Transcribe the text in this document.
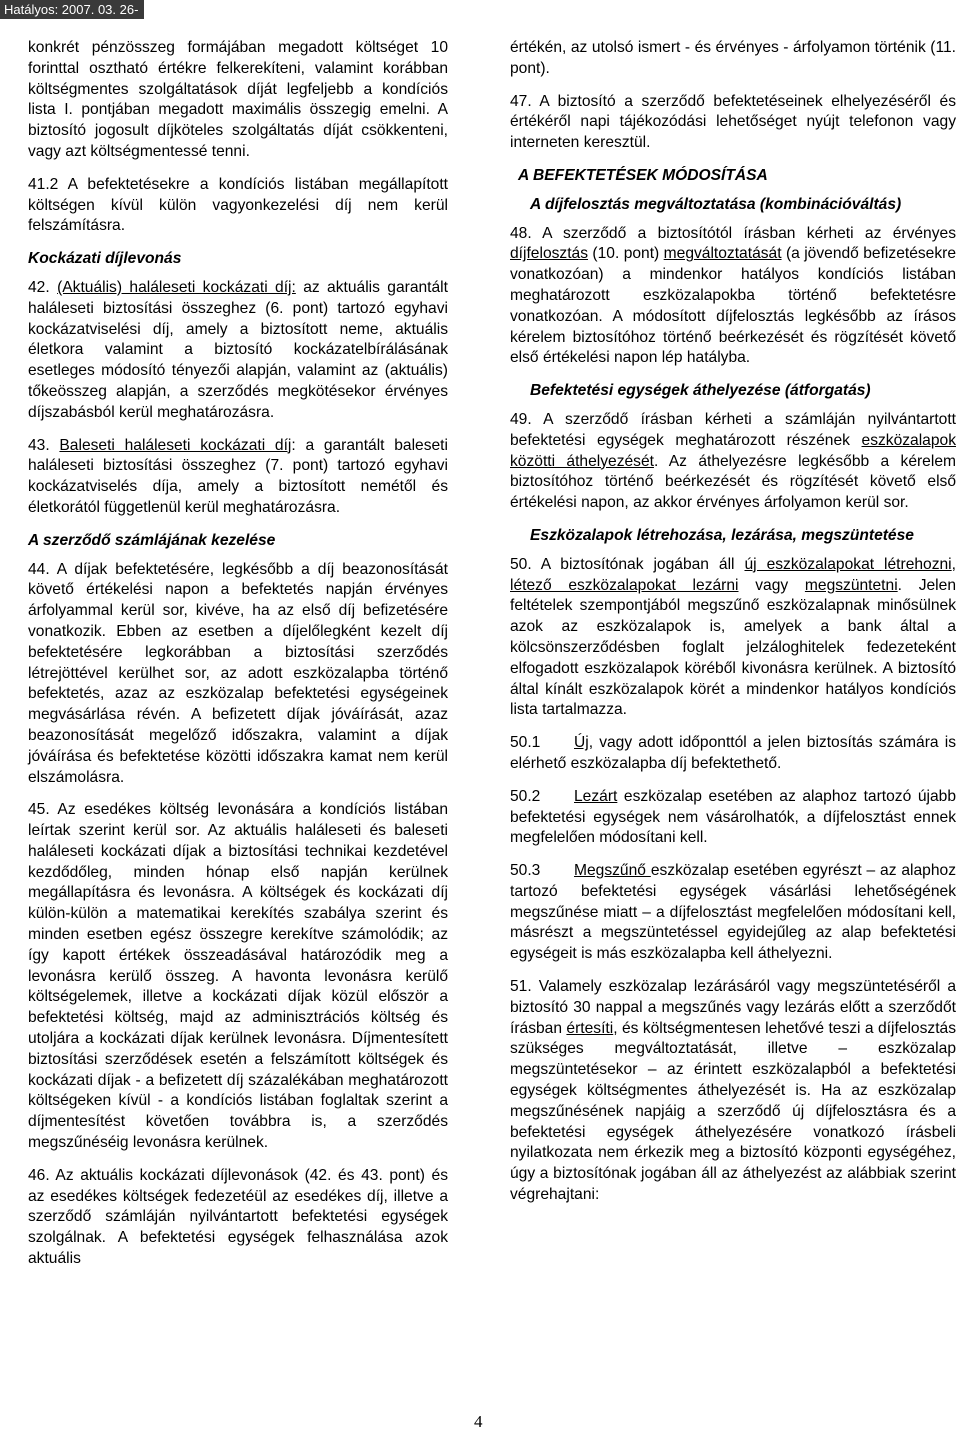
Hatályos: 2007. 03. 26-tól

konkrét pénzösszeg formájában megadott költséget 10 forinttal osztható értékre felkerekíteni, valamint korábban költségmentes szolgáltatások díját legfeljebb a kondíciós lista I. pontjában megadott maximális összegig emelni. A biztosító jogosult díjköteles szolgáltatás díját csökkenteni, vagy azt költségmentessé tenni.

41.2 A befektetésekre a kondíciós listában megállapított költségen kívül külön vagyonkezelési díj nem kerül felszámításra.

Kockázati díjlevonás

42. (Aktuális) haláleseti kockázati díj: az aktuális garantált haláleseti biztosítási összeghez (6. pont) tartozó egyhavi kockázatviselési díj, amely a biztosított neme, aktuális életkora valamint a biztosító kockázatelbírálásának esetleges módosító tényezői alapján, valamint az (aktuális) tőkeösszeg alapján, a szerződés megkötésekor érvényes díjszabásból kerül meghatározásra.

43. Baleseti haláleseti kockázati díj: a garantált baleseti haláleseti biztosítási összeghez (7. pont) tartozó egyhavi kockázatviselés díja, amely a biztosított nemétől és életkorától függetlenül kerül meghatározásra.

A szerződő számlájának kezelése

44. A díjak befektetésére, legkésőbb a díj beazonosítását követő értékelési napon a befektetés napján érvényes árfolyammal kerül sor, kivéve, ha az első díj befizetésére vonatkozik. Ebben az esetben a díjelőlegként kezelt díj befektetésére legkorábban a biztosítási szerződés létrejöttével kerülhet sor, az adott eszközalapba történő befektetés, azaz az eszközalap befektetési egységeinek megvásárlása révén. A befizetett díjak jóváírását, azaz beazonosítását megelőző időszakra, valamint a díjak jóváírása és befektetése közötti időszakra kamat nem kerül elszámolásra.

45. Az esedékes költség levonására a kondíciós listában leírtak szerint kerül sor. Az aktuális haláleseti és baleseti haláleseti kockázati díjak a biztosítási technikai kezdetével kezdődőleg, minden hónap első napján kerülnek megállapításra és levonásra. A költségek és kockázati díj külön-külön a matematikai kerekítés szabálya szerint és minden esetben egész összegre kerekítve számolódik; az így kapott értékek összeadásával határozódik meg a levonásra kerülő összeg. A havonta levonásra kerülő költségelemek, illetve a kockázati díjak közül először a befektetési költség, majd az adminisztrációs költség és utoljára a kockázati díjak kerülnek levonásra. Díjmentesített biztosítási szerződések esetén a felszámított költségek és kockázati díjak - a befizetett díj százalékában meghatározott költségeken kívül - a kondíciós listában foglaltak szerint a díjmentesítést követően továbbra is, a szerződés megszűnéséig levonásra kerülnek.

46. Az aktuális kockázati díjlevonások (42. és 43. pont) és az esedékes költségek fedezetéül az esedékes díj, illetve a szerződő számláján nyilvántartott befektetési egységek szolgálnak. A befektetési egységek felhasználása azok aktuális

értékén, az utolsó ismert - és érvényes - árfolyamon történik (11. pont).

47. A biztosító a szerződő befektetéseinek elhelyezéséről és értékéről napi tájékozódási lehetőséget nyújt telefonon vagy interneten keresztül.

A BEFEKTETÉSEK MÓDOSÍTÁSA
A díjfelosztás megváltoztatása (kombinációváltás)

48. A szerződő a biztosítótól írásban kérheti az érvényes díjfelosztás (10. pont) megváltoztatását (a jövendő befizetésekre vonatkozóan) a mindenkor hatályos kondíciós listában meghatározott eszközalapokba történő befektetésre vonatkozóan. A módosított díjfelosztás legkésőbb az írásos kérelem biztosítóhoz történő beérkezését és rögzítését követő első értékelési napon lép hatályba.

Befektetési egységek áthelyezése (átforgatás)

49. A szerződő írásban kérheti a számláján nyilvántartott befektetési egységek meghatározott részének eszközalapok közötti áthelyezését. Az áthelyezésre legkésőbb a kérelem biztosítóhoz történő beérkezését és rögzítését követő első értékelési napon, az akkor érvényes árfolyamon kerül sor.

Eszközalapok létrehozása, lezárása, megszüntetése

50. A biztosítónak jogában áll új eszközalapokat létrehozni, létező eszközalapokat lezárni vagy megszüntetni. Jelen feltételek szempontjából megszűnő eszközalapnak minősülnek azok az eszközalapok is, amelyek a bank által a kölcsönszerződésben foglalt jelzáloghitelek fedezeteként elfogadott eszközalapok köréből kivonásra kerülnek. A biztosító által kínált eszközalapok körét a mindenkor hatályos kondíciós lista tartalmazza.

50.1 Új, vagy adott időponttól a jelen biztosítás számára is elérhető eszközalapba díj befektethető.

50.2 Lezárt eszközalap esetében az alaphoz tartozó újabb befektetési egységek nem vásárolhatók, a díjfelosztást ennek megfelelően módosítani kell.

50.3 Megszűnő eszközalap esetében egyrészt – az alaphoz tartozó befektetési egységek vásárlási lehetőségének megszűnése miatt – a díjfelosztást megfelelően módosítani kell, másrészt a megszüntetéssel egyidejűleg az alap befektetési egységeit is más eszközalapba kell áthelyezni.

51. Valamely eszközalap lezárásáról vagy megszüntetéséről a biztosító 30 nappal a megszűnés vagy lezárás előtt a szerződőt írásban értesíti, és költségmentesen lehetővé teszi a díjfelosztás szükséges megváltoztatását, illetve – eszközalap megszüntetésekor – az érintett eszközalapból a befektetési egységek költségmentes áthelyezését is. Ha az eszközalap megszűnésének napjáig a szerződő új díjfelosztásra és a befektetési egységek áthelyezésére vonatkozó írásbeli nyilatkozata nem érkezik meg a biztosító központi egységéhez, úgy a biztosítónak jogában áll az áthelyezést az alábbiak szerint végrehajtani:

4
